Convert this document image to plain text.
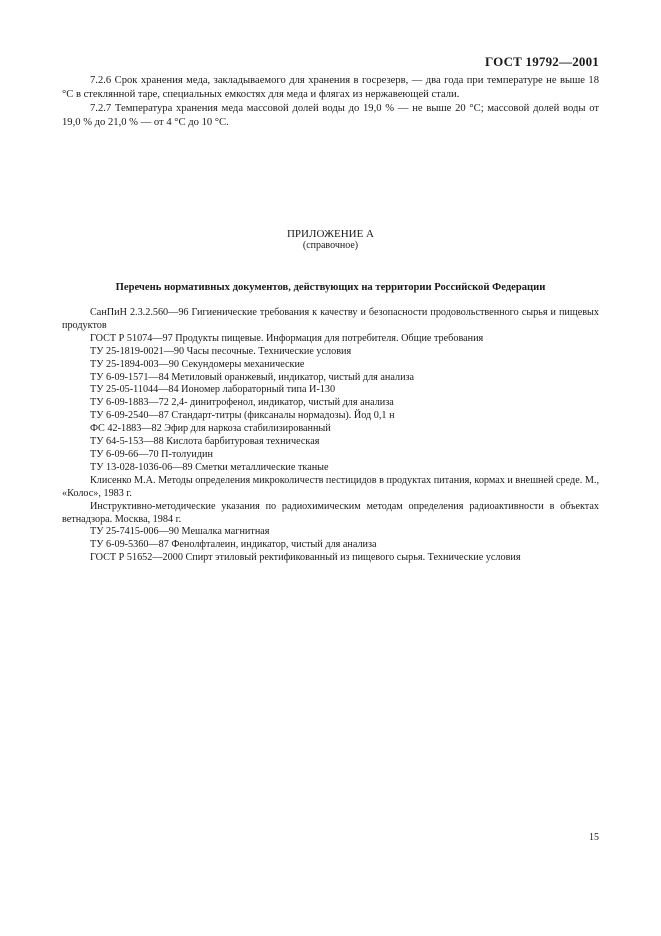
ГОСТ 19792—2001

7.2.6 Срок хранения меда, закладываемого для хранения в госрезерв, — два года при температуре не выше 18 °С в стеклянной таре, специальных емкостях для меда и флягах из нержавеющей стали.

7.2.7 Температура хранения меда массовой долей воды до 19,0 % — не выше 20 °С; массовой долей воды от 19,0 % до 21,0 % — от 4 °С до 10 °С.

ПРИЛОЖЕНИЕ А
(справочное)
Перечень нормативных документов, действующих на территории Российской Федерации

СанПиН 2.3.2.560—96 Гигиенические требования к качеству и безопасности продовольственного сырья и пищевых продуктов

ГОСТ Р 51074—97 Продукты пищевые. Информация для потребителя. Общие требования

ТУ 25-1819-0021—90 Часы песочные. Технические условия

ТУ 25-1894-003—90 Секундомеры механические

ТУ 6-09-1571—84 Метиловый оранжевый, индикатор, чистый для анализа

ТУ 25-05-11044—84 Иономер лабораторный типа И-130

ТУ 6-09-1883—72 2,4- динитрофенол, индикатор, чистый для анализа

ТУ 6-09-2540—87 Стандарт-титры (фиксаналы нормадозы). Йод 0,1 н

ФС 42-1883—82 Эфир для наркоза стабилизированный

ТУ 64-5-153—88 Кислота барбитуровая техническая

ТУ 6-09-66—70 П-толуидин

ТУ 13-028-1036-06—89 Сметки металлические тканые

Клисенко М.А. Методы определения микроколичеств пестицидов в продуктах питания, кормах и внешней среде. М., «Колос», 1983 г.

Инструктивно-методические указания по радиохимическим методам определения радиоактивности в объектах ветнадзора. Москва, 1984 г.

ТУ 25-7415-006—90 Мешалка магнитная

ТУ 6-09-5360—87 Фенолфталеин, индикатор, чистый для анализа

ГОСТ Р 51652—2000 Спирт этиловый ректификованный из пищевого сырья. Технические условия

15
